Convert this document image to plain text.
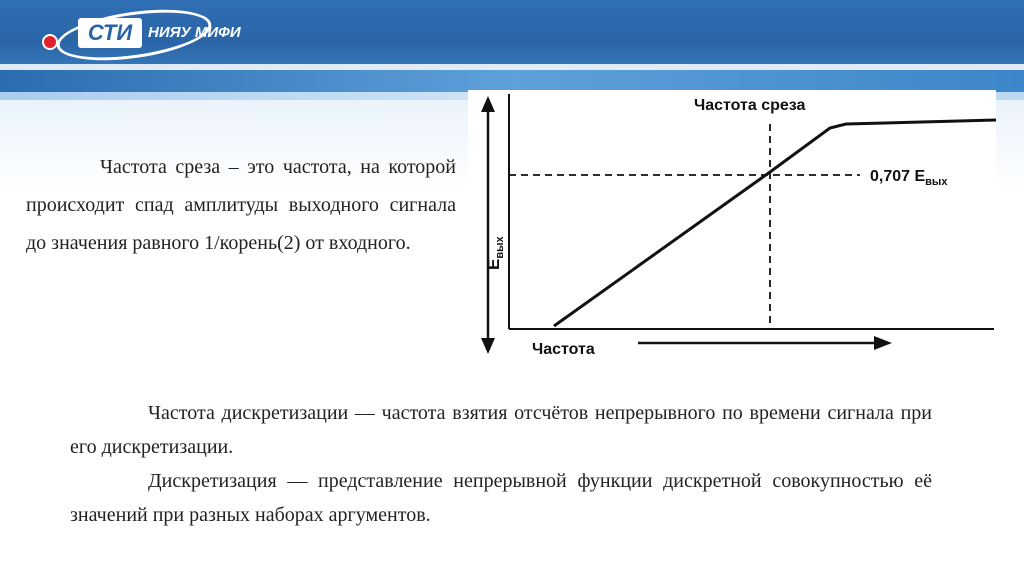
СТИ НИЯУ МИФИ
Частота среза – это частота, на которой происходит спад амплитуды выходного сигнала до значения равного 1/корень(2) от входного.
Частота среза
0,707 $E_{вых}$
$E_{вых}$
Частота

Частота дискретизации — частота взятия отсчётов непрерывного по времени сигнала при его дискретизации.

Дискретизация — представление непрерывной функции дискретной совокупностью её значений при разных наборах аргументов.
